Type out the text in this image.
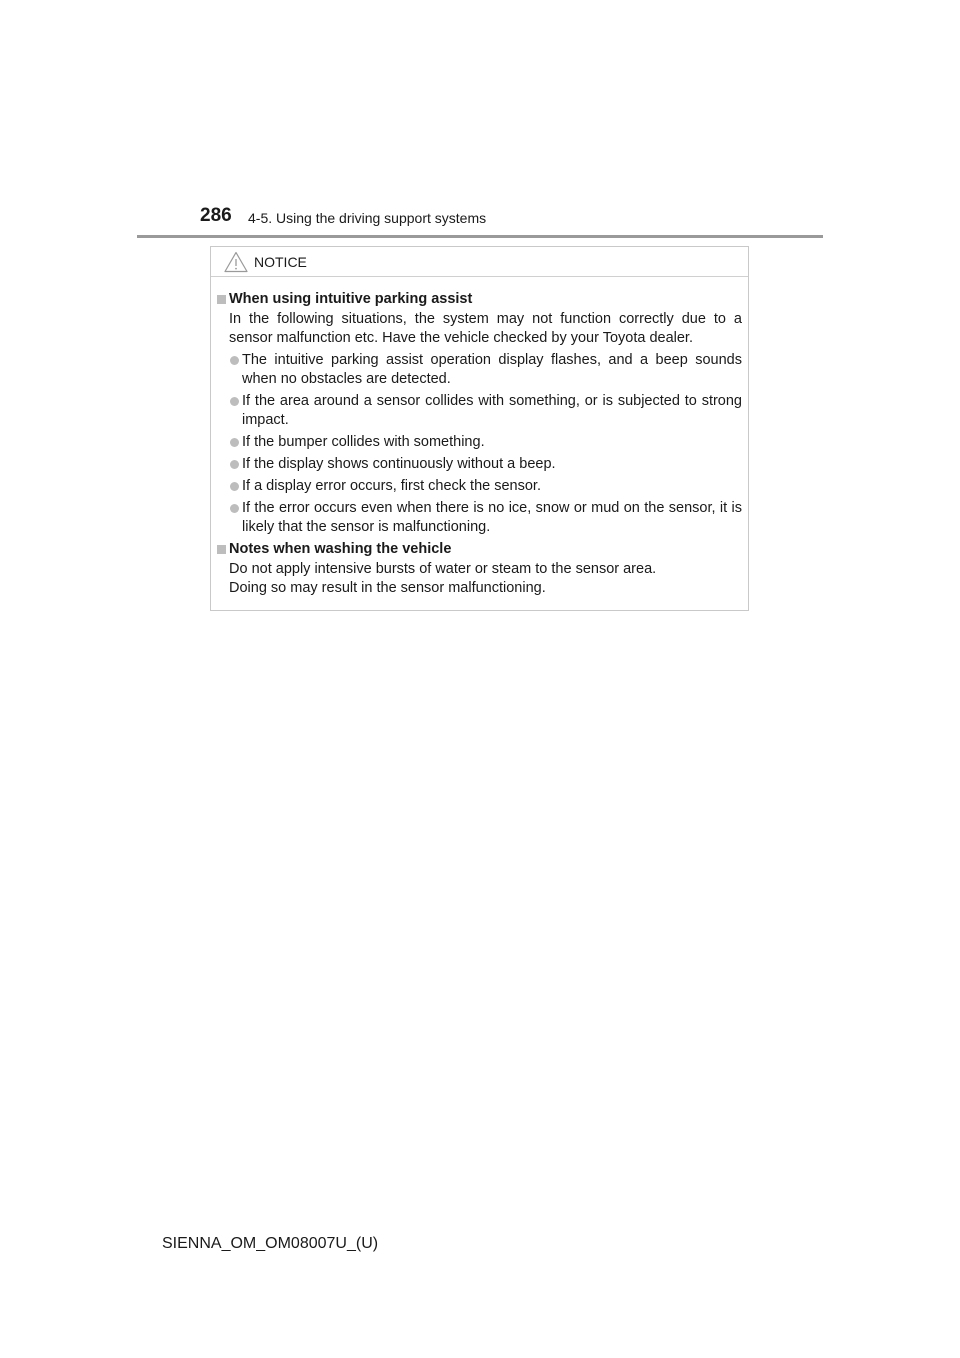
286 4-5. Using the driving support systems
NOTICE
When using intuitive parking assist
In the following situations, the system may not function correctly due to a sensor malfunction etc. Have the vehicle checked by your Toyota dealer.
The intuitive parking assist operation display flashes, and a beep sounds when no obstacles are detected.
If the area around a sensor collides with something, or is subjected to strong impact.
If the bumper collides with something.
If the display shows continuously without a beep.
If a display error occurs, first check the sensor.
If the error occurs even when there is no ice, snow or mud on the sensor, it is likely that the sensor is malfunctioning.
Notes when washing the vehicle
Do not apply intensive bursts of water or steam to the sensor area.
Doing so may result in the sensor malfunctioning.
SIENNA_OM_OM08007U_(U)
